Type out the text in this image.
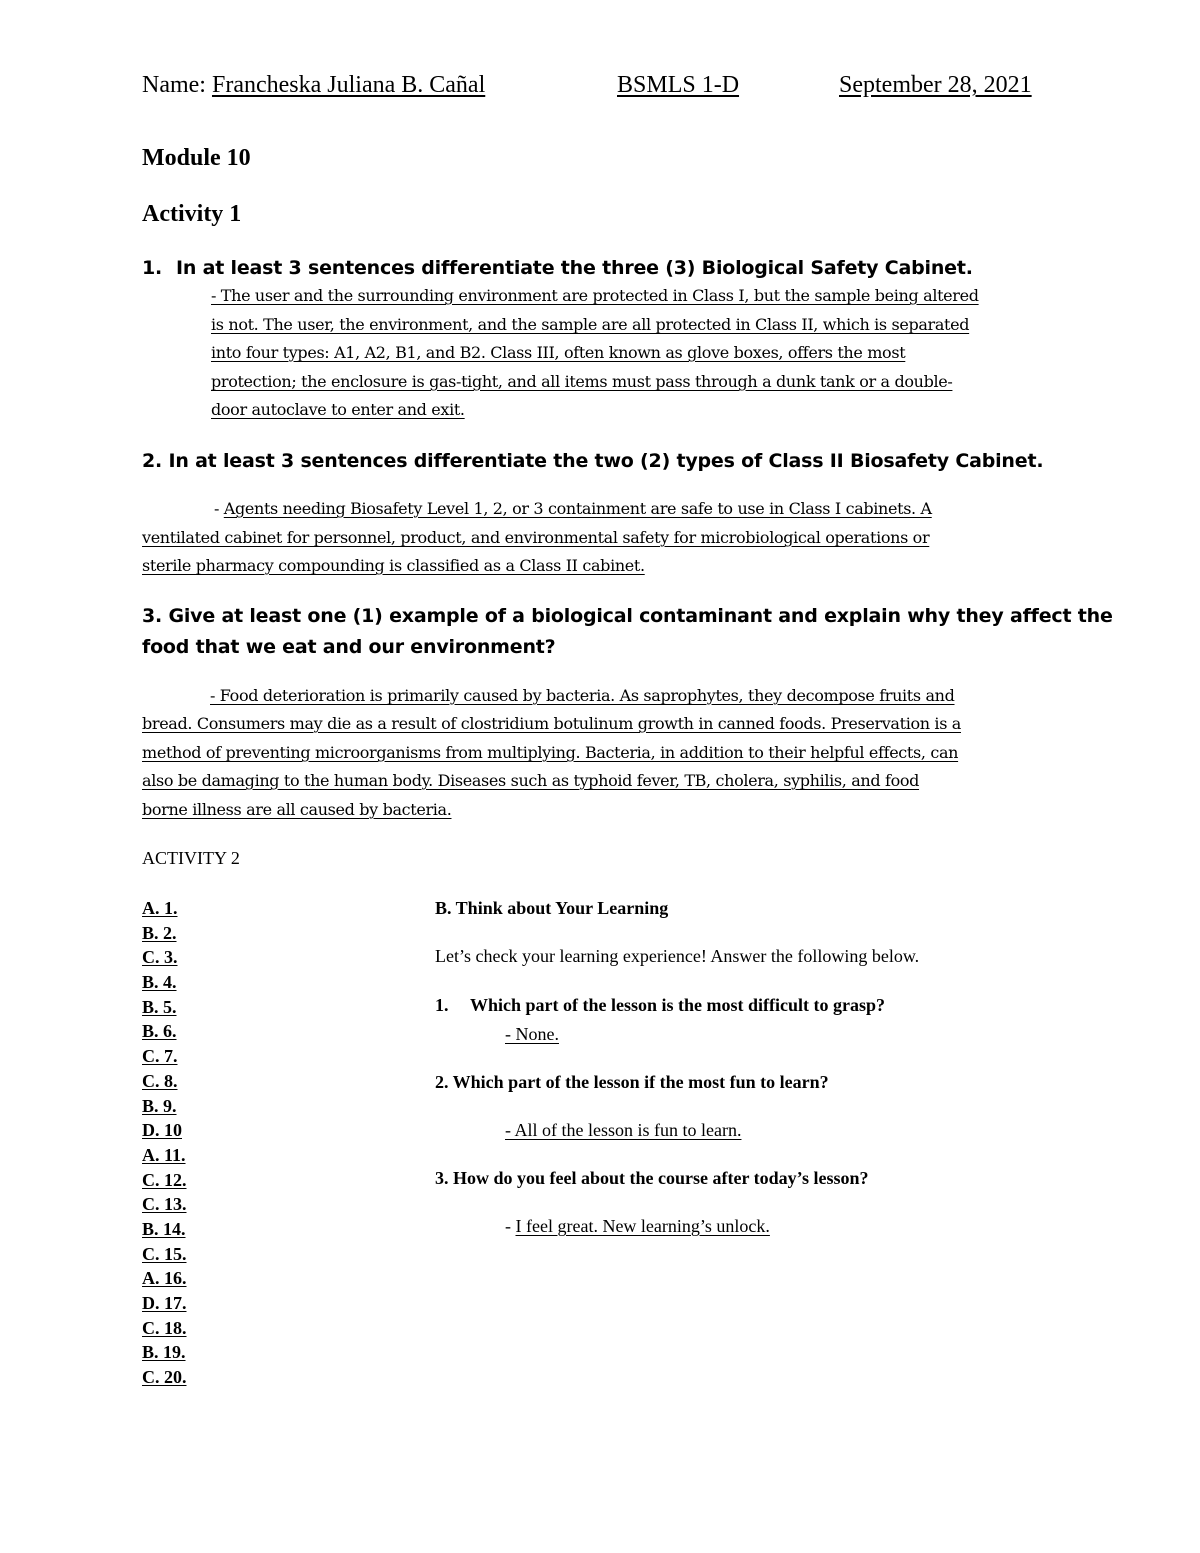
Name: Francheska Juliana B. Cañal	BSMLS 1-D	September 28, 2021
Module 10
Activity 1
1. In at least 3 sentences differentiate the three (3) Biological Safety Cabinet.
- The user and the surrounding environment are protected in Class I, but the sample being altered
is not. The user, the environment, and the sample are all protected in Class II, which is separated
into four types: A1, A2, B1, and B2. Class III, often known as glove boxes, offers the most
protection; the enclosure is gas-tight, and all items must pass through a dunk tank or a double-
door autoclave to enter and exit.
2. In at least 3 sentences differentiate the two (2) types of Class II Biosafety Cabinet.
- Agents needing Biosafety Level 1, 2, or 3 containment are safe to use in Class I cabinets. A
ventilated cabinet for personnel, product, and environmental safety for microbiological operations or
sterile pharmacy compounding is classified as a Class II cabinet.
3. Give at least one (1) example of a biological contaminant and explain why they affect the
food that we eat and our environment?
- Food deterioration is primarily caused by bacteria. As saprophytes, they decompose fruits and
bread. Consumers may die as a result of clostridium botulinum growth in canned foods. Preservation is a
method of preventing microorganisms from multiplying. Bacteria, in addition to their helpful effects, can
also be damaging to the human body. Diseases such as typhoid fever, TB, cholera, syphilis, and food
borne illness are all caused by bacteria.
ACTIVITY 2
A. 1.
B. 2.
C. 3.
B. 4.
B. 5.
B. 6.
C. 7.
C. 8.
B. 9.
D. 10
A. 11.
C. 12.
C. 13.
B. 14.
C. 15.
A. 16.
D. 17.
C. 18.
B. 19.
C. 20.
B. Think about Your Learning
Let’s check your learning experience! Answer the following below.
1. Which part of the lesson is the most difficult to grasp?
- None.
2. Which part of the lesson if the most fun to learn?
- All of the lesson is fun to learn.
3. How do you feel about the course after today’s lesson?
- I feel great. New learning’s unlock.
